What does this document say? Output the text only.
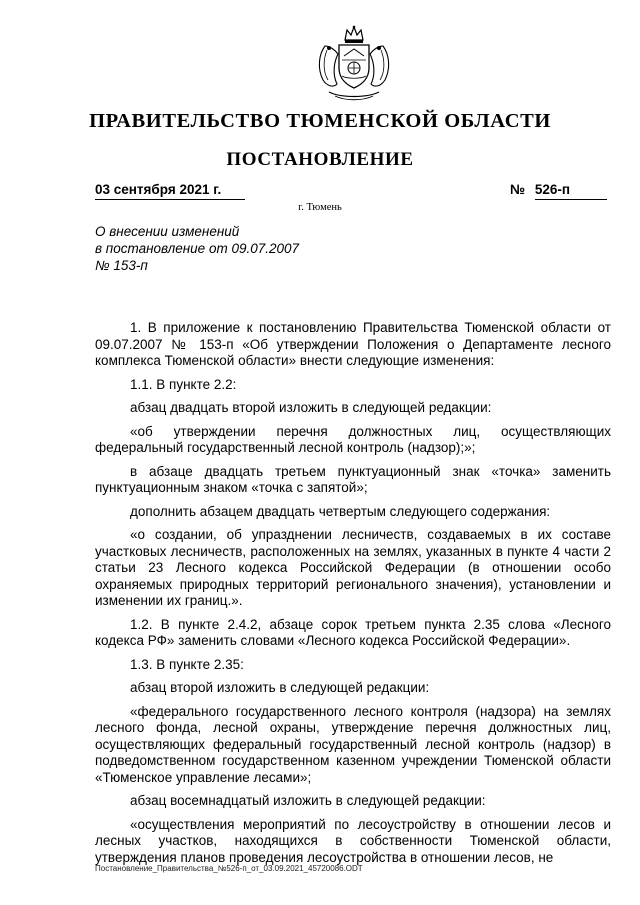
ПРАВИТЕЛЬСТВО ТЮМЕНСКОЙ ОБЛАСТИ
ПОСТАНОВЛЕНИЕ
03 сентября 2021 г.	№ 526-п
г. Тюмень
О внесении изменений
в постановление от 09.07.2007
№ 153-п

1. В приложение к постановлению Правительства Тюменской области от 09.07.2007 № 153-п «Об утверждении Положения о Департаменте лесного комплекса Тюменской области» внести следующие изменения:

1.1. В пункте 2.2:

абзац двадцать второй изложить в следующей редакции:

«об утверждении перечня должностных лиц, осуществляющих федеральный государственный лесной контроль (надзор);»;

в абзаце двадцать третьем пунктуационный знак «точка» заменить пунктуационным знаком «точка с запятой»;

дополнить абзацем двадцать четвертым следующего содержания:

«о создании, об упразднении лесничеств, создаваемых в их составе участковых лесничеств, расположенных на землях, указанных в пункте 4 части 2 статьи 23 Лесного кодекса Российской Федерации (в отношении особо охраняемых природных территорий регионального значения), установлении и изменении их границ.».

1.2. В пункте 2.4.2, абзаце сорок третьем пункта 2.35 слова «Лесного кодекса РФ» заменить словами «Лесного кодекса Российской Федерации».

1.3. В пункте 2.35:

абзац второй изложить в следующей редакции:

«федерального государственного лесного контроля (надзора) на землях лесного фонда, лесной охраны, утверждение перечня должностных лиц, осуществляющих федеральный государственный лесной контроль (надзор) в подведомственном государственном казенном учреждении Тюменской области «Тюменское управление лесами»;

абзац восемнадцатый изложить в следующей редакции:

«осуществления мероприятий по лесоустройству в отношении лесов и лесных участков, находящихся в собственности Тюменской области, утверждения планов проведения лесоустройства в отношении лесов, не

Постановление_Правительства_№526-п_от_03.09.2021_45720086.ODT
